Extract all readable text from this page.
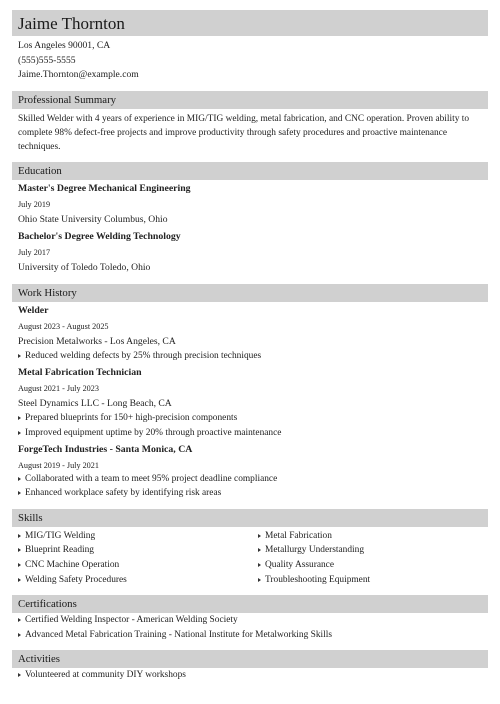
Jaime Thornton
Los Angeles 90001, CA
(555)555-5555
Jaime.Thornton@example.com
Professional Summary
Skilled Welder with 4 years of experience in MIG/TIG welding, metal fabrication, and CNC operation. Proven ability to complete 98% defect-free projects and improve productivity through safety procedures and proactive maintenance techniques.
Education
Master's Degree Mechanical Engineering
July 2019
Ohio State University Columbus, Ohio
Bachelor's Degree Welding Technology
July 2017
University of Toledo Toledo, Ohio
Work History
Welder
August 2023 - August 2025
Precision Metalworks - Los Angeles, CA
Reduced welding defects by 25% through precision techniques
Metal Fabrication Technician
August 2021 - July 2023
Steel Dynamics LLC - Long Beach, CA
Prepared blueprints for 150+ high-precision components
Improved equipment uptime by 20% through proactive maintenance
ForgeTech Industries - Santa Monica, CA
August 2019 - July 2021
Collaborated with a team to meet 95% project deadline compliance
Enhanced workplace safety by identifying risk areas
Skills
MIG/TIG Welding
Blueprint Reading
CNC Machine Operation
Welding Safety Procedures
Metal Fabrication
Metallurgy Understanding
Quality Assurance
Troubleshooting Equipment
Certifications
Certified Welding Inspector - American Welding Society
Advanced Metal Fabrication Training - National Institute for Metalworking Skills
Activities
Volunteered at community DIY workshops
